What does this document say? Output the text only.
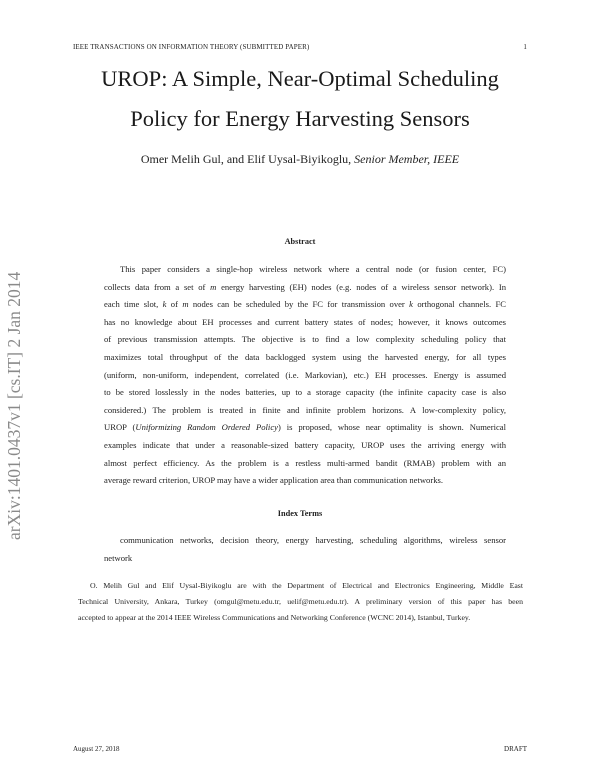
IEEE TRANSACTIONS ON INFORMATION THEORY (SUBMITTED PAPER)	1
UROP: A Simple, Near-Optimal Scheduling
Policy for Energy Harvesting Sensors
Omer Melih Gul, and Elif Uysal-Biyikoglu, Senior Member, IEEE
arXiv:1401.0437v1 [cs.IT] 2 Jan 2014
Abstract
This paper considers a single-hop wireless network where a central node (or fusion center, FC)
collects data from a set of m energy harvesting (EH) nodes (e.g. nodes of a wireless sensor network). In
each time slot, k of m nodes can be scheduled by the FC for transmission over k orthogonal channels. FC
has no knowledge about EH processes and current battery states of nodes; however, it knows outcomes
of previous transmission attempts. The objective is to find a low complexity scheduling policy that
maximizes total throughput of the data backlogged system using the harvested energy, for all types
(uniform, non-uniform, independent, correlated (i.e. Markovian), etc.) EH processes. Energy is assumed
to be stored losslessly in the nodes batteries, up to a storage capacity (the infinite capacity case is also
considered.) The problem is treated in finite and infinite problem horizons. A low-complexity policy,
UROP (Uniformizing Random Ordered Policy) is proposed, whose near optimality is shown. Numerical
examples indicate that under a reasonable-sized battery capacity, UROP uses the arriving energy with
almost perfect efficiency. As the problem is a restless multi-armed bandit (RMAB) problem with an
average reward criterion, UROP may have a wider application area than communication networks.
Index Terms
communication networks, decision theory, energy harvesting, scheduling algorithms, wireless sensor
network
O. Melih Gul and Elif Uysal-Biyikoglu are with the Department of Electrical and Electronics Engineering, Middle East
Technical University, Ankara, Turkey (omgul@metu.edu.tr, uelif@metu.edu.tr). A preliminary version of this paper has been
accepted to appear at the 2014 IEEE Wireless Communications and Networking Conference (WCNC 2014), Istanbul, Turkey.
August 27, 2018	DRAFT
